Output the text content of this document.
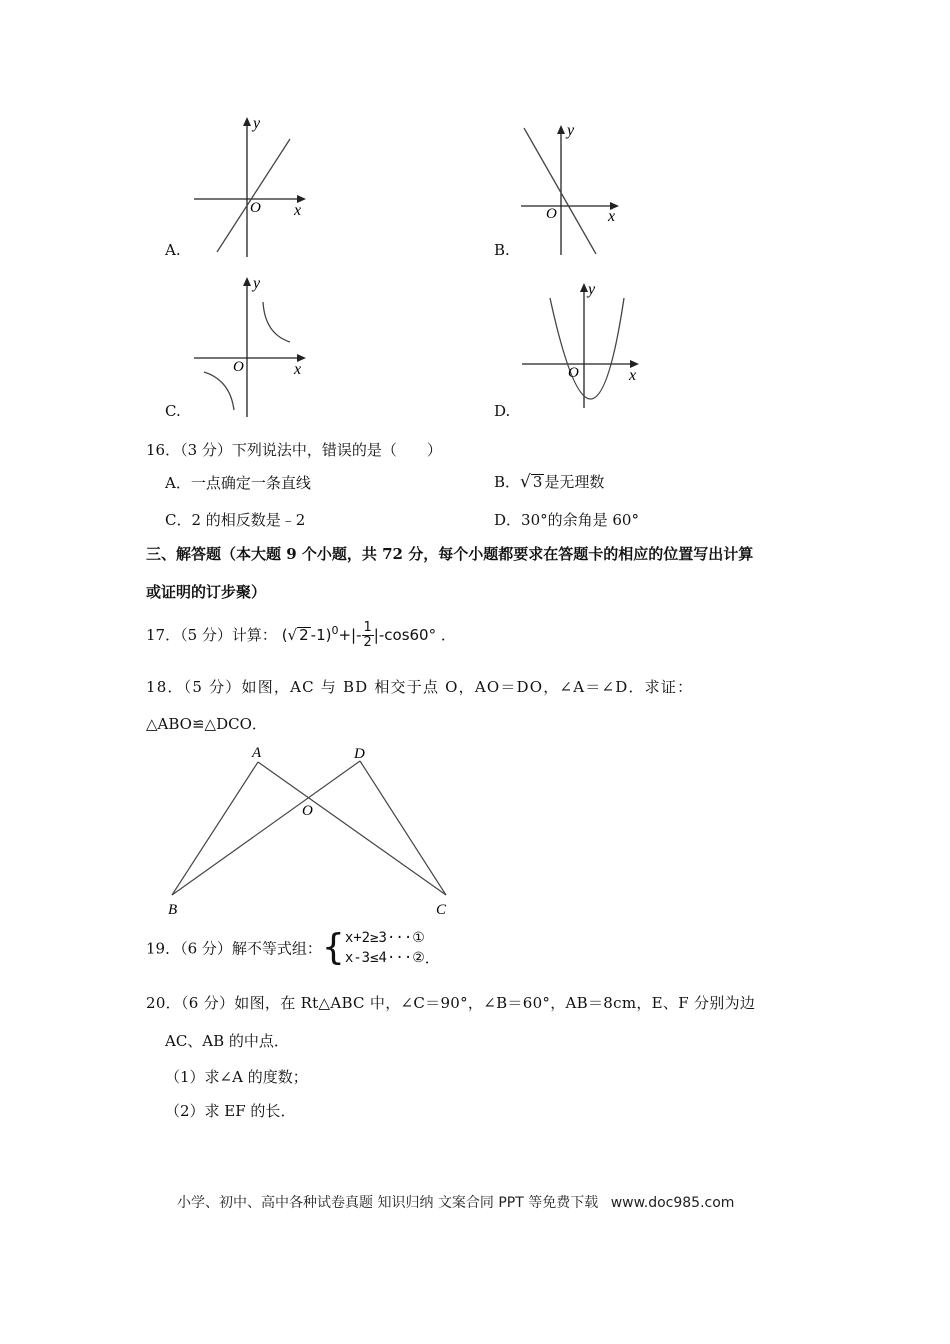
y
x
O
A.
y
x
O
B.
y
x
O
C.
y
x
O
D.
16．（3 分）下列说法中，错误的是（　　）
A．一点确定一条直线	B．√ 3 是无理数
C．2 的相反数是﹣2	D．30°的余角是 60°
三、解答题（本大题 9 个小题，共 72 分，每个小题都要求在答题卡的相应的位置写出计算
或证明的订步聚）
17．（5 分）计算： (√ 2 $-1)^0+|- \frac{1}{2} |-\cos 60^\circ$ ．
18．（5 分）如图，AC 与 BD 相交于点 O，AO＝DO，∠A＝∠D．求证：
△ABO≌△DCO．
A	D
O
B	C
19．（6 分）解不等式组：{ x+2≥3···①
x-3≤4···② ．
20．（6 分）如图，在 Rt△ABC 中，∠C＝90°，∠B＝60°，AB＝8cm，E、F 分别为边
AC、AB 的中点．
（1）求∠A 的度数；
（2）求 EF 的长．
小学、初中、高中各种试卷真题 知识归纳 文案合同 PPT 等免费下载 www.doc985.com
